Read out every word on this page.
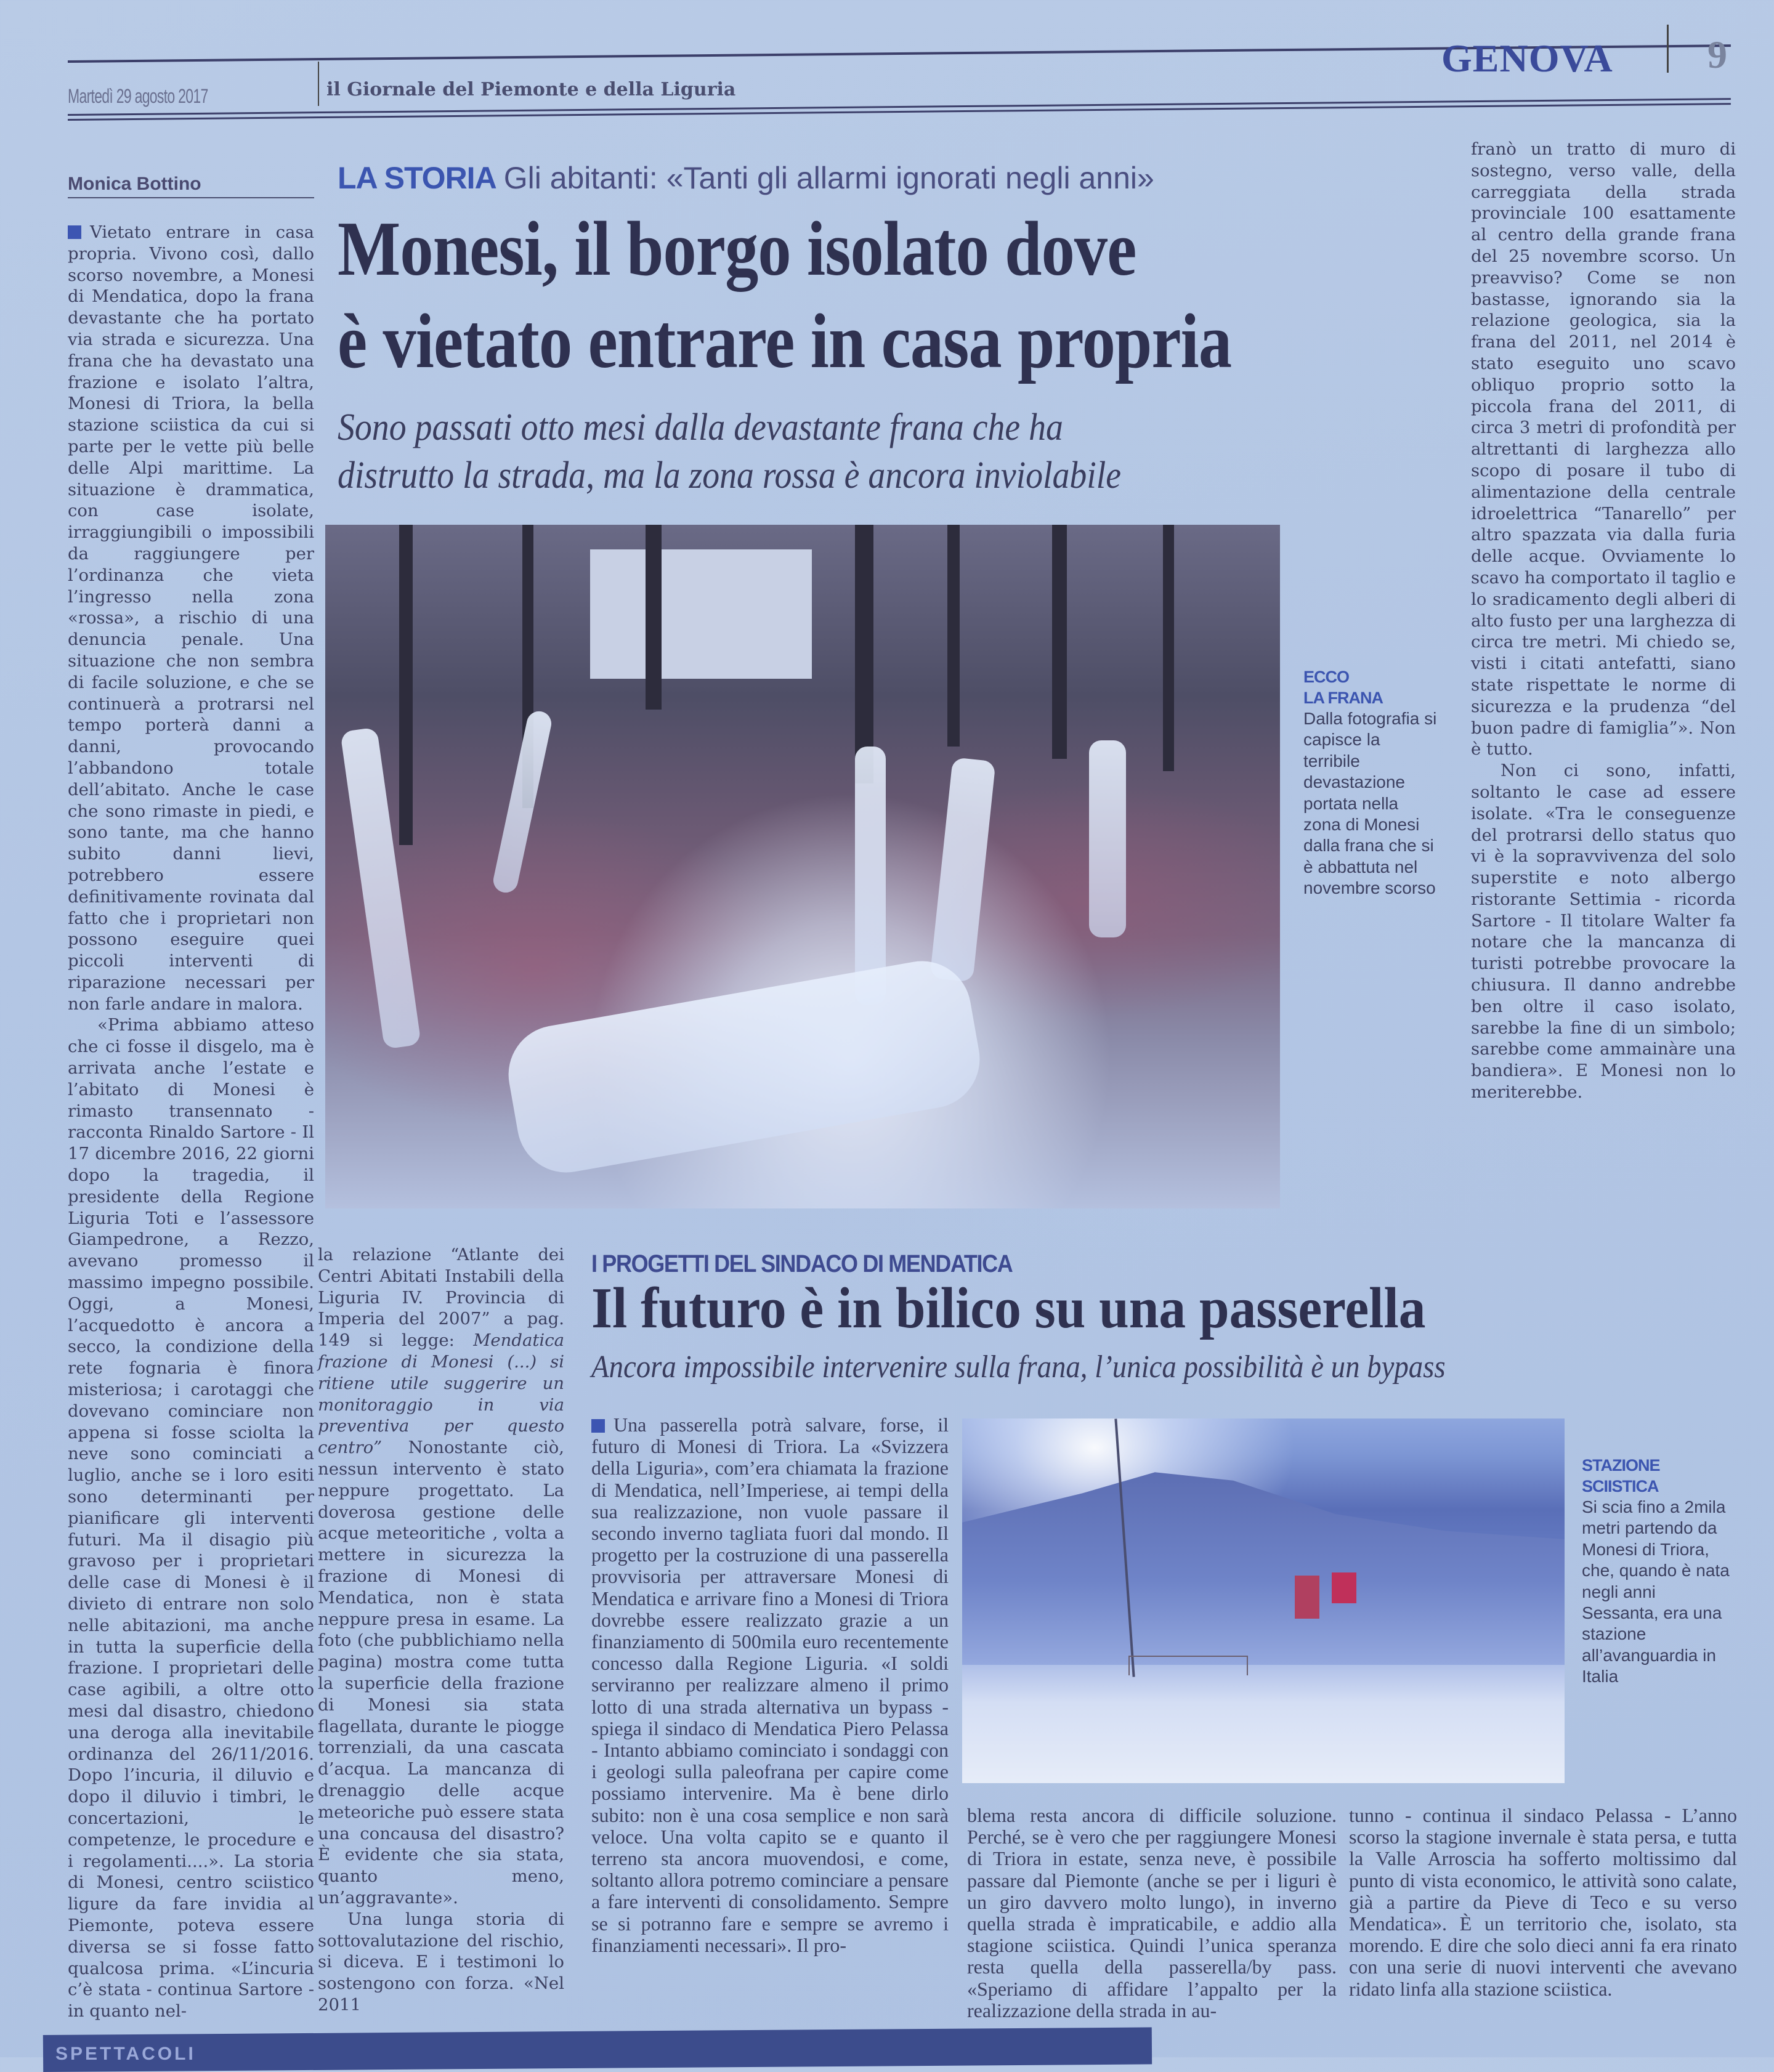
Martedì 29 agosto 2017	il Giornale del Piemonte e della Liguria
GENOVA 9
Monica Bottino	LA STORIA Gli abitanti: «Tanti gli allarmi ignorati negli anni»
Monesi, il borgo isolato dove
è vietato entrare in casa propria
Sono passati otto mesi dalla devastante frana che ha
distrutto la strada, ma la zona rossa è ancora inviolabile

Vietato entrare in casa propria. Vivono così, dallo scorso novembre, a Monesi di Mendatica, dopo la frana devastante che ha portato via strada e sicurezza. Una frana che ha devastato una frazione e isolato l’altra, Monesi di Triora, la bella stazione sciistica da cui si parte per le vette più belle delle Alpi marittime. La situazione è drammatica, con case isolate, irraggiungibili o impossibili da raggiungere per l’ordinanza che vieta l’ingresso nella zona «rossa», a rischio di una denuncia penale. Una situazione che non sembra di facile soluzione, e che se continuerà a protrarsi nel tempo porterà danni a danni, provocando l’abbandono totale dell’abitato. Anche le case che sono rimaste in piedi, e sono tante, ma che hanno subito danni lievi, potrebbero essere definitivamente rovinata dal fatto che i proprietari non possono eseguire quei piccoli interventi di riparazione necessari per non farle andare in malora.

«Prima abbiamo atteso che ci fosse il disgelo, ma è arrivata anche l’estate e l’abitato di Monesi è rimasto transennato - racconta Rinaldo Sartore - Il 17 dicembre 2016, 22 giorni dopo la tragedia, il presidente della Regione Liguria Toti e l’assessore Giampedrone, a Rezzo, avevano promesso il massimo impegno possibile. Oggi, a Monesi, l’acquedotto è ancora a secco, la condizione della rete fognaria è finora misteriosa; i carotaggi che dovevano cominciare non appena si fosse sciolta la neve sono cominciati a luglio, anche se i loro esiti sono determinanti per pianificare gli interventi futuri. Ma il disagio più gravoso per i proprietari delle case di Monesi è il divieto di entrare non solo nelle abitazioni, ma anche in tutta la superficie della frazione. I proprietari delle case agibili, a oltre otto mesi dal disastro, chiedono una deroga alla inevitabile ordinanza del 26/11/2016. Dopo l’incuria, il diluvio e dopo il diluvio i timbri, le concertazioni, le competenze, le procedure e i regolamenti....». La storia di Monesi, centro sciistico ligure da fare invidia al Piemonte, poteva essere diversa se si fosse fatto qualcosa prima. «L’incuria c’è stata - continua Sartore - in quanto nel-

ECCO
LA FRANA
Dalla fotografia si capisce la terribile devastazione portata nella zona di Monesi dalla frana che si è abbattuta nel novembre scorso

la relazione “Atlante dei Centri Abitati Instabili della Liguria IV. Provincia di Imperia del 2007” a pag. 149 si legge: Mendatica frazione di Monesi (...) si ritiene utile suggerire un monitoraggio in via preventiva per questo centro” Nonostante ciò, nessun intervento è stato neppure progettato. La doverosa gestione delle acque meteoritiche , volta a mettere in sicurezza la frazione di Monesi di Mendatica, non è stata neppure presa in esame. La foto (che pubblichiamo nella pagina) mostra come tutta la superficie della frazione di Monesi sia stata flagellata, durante le piogge torrenziali, da una cascata d’acqua. La mancanza di drenaggio delle acque meteoriche può essere stata una concausa del disastro? È evidente che sia stata, quanto meno, un’aggravante».

Una lunga storia di sottovalutazione del rischio, si diceva. E i testimoni lo sostengono con forza. «Nel 2011

franò un tratto di muro di sostegno, verso valle, della carreggiata della strada provinciale 100 esattamente al centro della grande frana del 25 novembre scorso. Un preavviso? Come se non bastasse, ignorando sia la relazione geologica, sia la frana del 2011, nel 2014 è stato eseguito uno scavo obliquo proprio sotto la piccola frana del 2011, di circa 3 metri di profondità per altrettanti di larghezza allo scopo di posare il tubo di alimentazione della centrale idroelettrica “Tanarello” per altro spazzata via dalla furia delle acque. Ovviamente lo scavo ha comportato il taglio e lo sradicamento degli alberi di alto fusto per una larghezza di circa tre metri. Mi chiedo se, visti i citati antefatti, siano state rispettate le norme di sicurezza e la prudenza “del buon padre di famiglia”». Non è tutto.

Non ci sono, infatti, soltanto le case ad essere isolate. «Tra le conseguenze del protrarsi dello status quo vi è la sopravvivenza del solo superstite e noto albergo ristorante Settimia - ricorda Sartore - Il titolare Walter fa notare che la mancanza di turisti potrebbe provocare la chiusura. Il danno andrebbe ben oltre il caso isolato, sarebbe la fine di un simbolo; sarebbe come ammainàre una bandiera». E Monesi non lo meriterebbe.

I PROGETTI DEL SINDACO DI MENDATICA
Il futuro è in bilico su una passerella
Ancora impossibile intervenire sulla frana, l’unica possibilità è un bypass

Una passerella potrà salvare, forse, il futuro di Monesi di Triora. La «Svizzera della Liguria», com’era chiamata la frazione di Mendatica, nell’Imperiese, ai tempi della sua realizzazione, non vuole passare il secondo inverno tagliata fuori dal mondo. Il progetto per la costruzione di una passerella provvisoria per attraversare Monesi di Mendatica e arrivare fino a Monesi di Triora dovrebbe essere realizzato grazie a un finanziamento di 500mila euro recentemente concesso dalla Regione Liguria. «I soldi serviranno per realizzare almeno il primo lotto di una strada alternativa un bypass - spiega il sindaco di Mendatica Piero Pelassa - Intanto abbiamo cominciato i sondaggi con i geologi sulla paleofrana per capire come possiamo intervenire. Ma è bene dirlo subito: non è una cosa semplice e non sarà veloce. Una volta capito se e quanto il terreno sta ancora muovendosi, e come, soltanto allora potremo cominciare a pensare a fare interventi di consolidamento. Sempre se si potranno fare e sempre se avremo i finanziamenti necessari». Il pro-

STAZIONE
SCIISTICA
Si scia fino a 2mila metri partendo da Monesi di Triora, che, quando è nata negli anni Sessanta, era una stazione all’avanguardia in Italia

blema resta ancora di difficile soluzione. Perché, se è vero che per raggiungere Monesi di Triora in estate, senza neve, è possibile passare dal Piemonte (anche se per i liguri è un giro davvero molto lungo), in inverno quella strada è impraticabile, e addio alla stagione sciistica. Quindi l’unica speranza resta quella della passerella/by pass. «Speriamo di affidare l’appalto per la realizzazione della strada in au-

tunno - continua il sindaco Pelassa - L’anno scorso la stagione invernale è stata persa, e tutta la Valle Arroscia ha sofferto moltissimo dal punto di vista economico, le attività sono calate, già a partire da Pieve di Teco e su verso Mendatica». È un territorio che, isolato, sta morendo. E dire che solo dieci anni fa era rinato con una serie di nuovi interventi che avevano ridato linfa alla stazione sciistica.

SPETTACOLI
